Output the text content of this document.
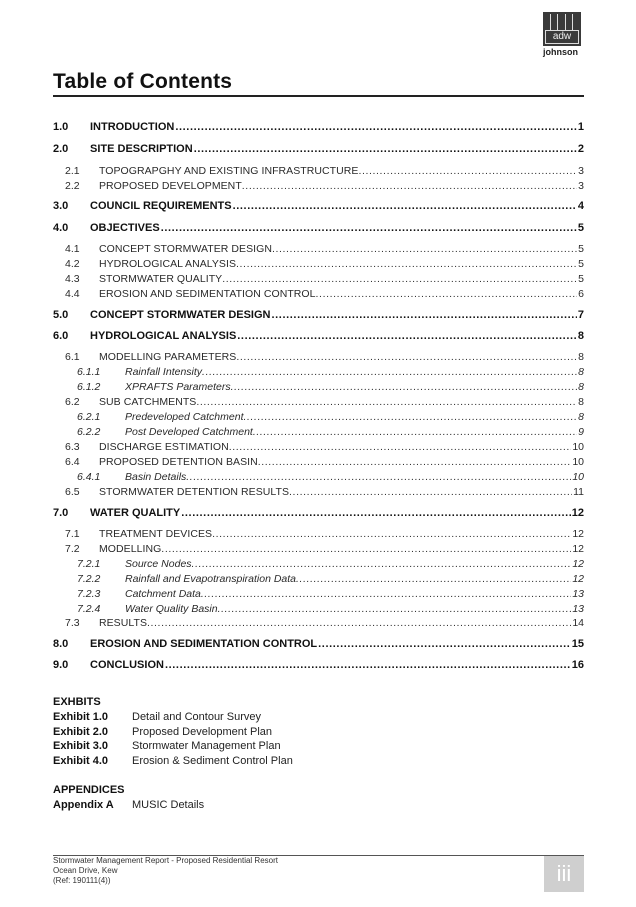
adw
johnson
Table of Contents
1.0	INTRODUCTION .....	1
2.0	SITE DESCRIPTION .....	2
2.1	TOPOGRAPGHY AND EXISTING INFRASTRUCTURE .....	3
2.2	PROPOSED DEVELOPMENT .....	3
3.0	COUNCIL REQUIREMENTS .....	4
4.0	OBJECTIVES .....	5
4.1	CONCEPT STORMWATER DESIGN .....	5
4.2	HYDROLOGICAL ANALYSIS .....	5
4.3	STORMWATER QUALITY .....	5
4.4	EROSION AND SEDIMENTATION CONTROL .....	6
5.0	CONCEPT STORMWATER DESIGN .....	7
6.0	HYDROLOGICAL ANALYSIS .....	8
6.1	MODELLING PARAMETERS .....	8
6.1.1	Rainfall Intensity .....	8
6.1.2	XPRAFTS Parameters .....	8
6.2	SUB CATCHMENTS .....	8
6.2.1	Predeveloped Catchment .....	8
6.2.2	Post Developed Catchment .....	9
6.3	DISCHARGE ESTIMATION .....	10
6.4	PROPOSED DETENTION BASIN .....	10
6.4.1	Basin Details .....	10
6.5	STORMWATER DETENTION RESULTS .....	11
7.0	WATER QUALITY .....	12
7.1	TREATMENT DEVICES .....	12
7.2	MODELLING .....	12
7.2.1	Source Nodes .....	12
7.2.2	Rainfall and Evapotranspiration Data .....	12
7.2.3	Catchment Data .....	13
7.2.4	Water Quality Basin .....	13
7.3	RESULTS .....	14
8.0	EROSION AND SEDIMENTATION CONTROL .....	15
9.0	CONCLUSION .....	16
EXHBITS
Exhibit 1.0 Detail and Contour Survey
Exhibit 2.0 Proposed Development Plan
Exhibit 3.0 Stormwater Management Plan
Exhibit 4.0 Erosion & Sediment Control Plan
APPENDICES
Appendix A MUSIC Details
Stormwater Management Report - Proposed Residential Resort
Ocean Drive, Kew
(Ref: 190111(4))	iii
